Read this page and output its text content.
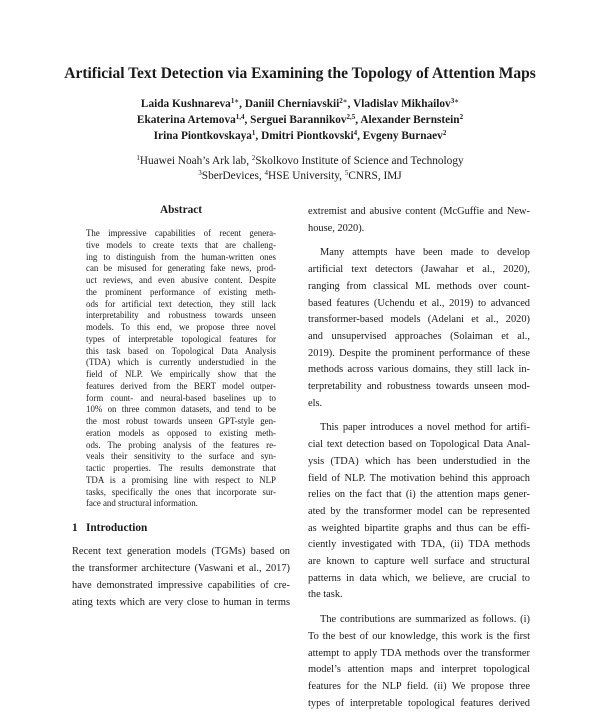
Artificial Text Detection via Examining the Topology of Attention Maps
Laida Kushnareva$^{1∗}$ , Daniil Cherniavskii$^{2∗}$ , Vladislav Mikhailov$^{3∗}$
Ekaterina Artemova$^{1,4}$ , Serguei Barannikov$^{2,5}$ , Alexander Bernstein$^2$
Irina Piontkovskaya$^1$ , Dmitri Piontkovski$^4$ , Evgeny Burnaev$^2$
$^1$Huawei Noah’s Ark lab , $^2$Skolkovo Institute of Science and Technology
$^3$SberDevices , $^4$HSE University , $^5$CNRS, IMJ
Abstract
The impressive capabilities of recent genera-
tive models to create texts that are challeng-
ing to distinguish from the human-written ones
can be misused for generating fake news, prod-
uct reviews, and even abusive content. Despite
the prominent performance of existing meth-
ods for artificial text detection, they still lack
interpretability and robustness towards unseen
models. To this end, we propose three novel
types of interpretable topological features for
this task based on Topological Data Analysis
(TDA) which is currently understudied in the
field of NLP. We empirically show that the
features derived from the BERT model outper-
form count- and neural-based baselines up to
10% on three common datasets, and tend to be
the most robust towards unseen GPT-style gen-
eration models as opposed to existing meth-
ods. The probing analysis of the features re-
veals their sensitivity to the surface and syn-
tactic properties. The results demonstrate that
TDA is a promising line with respect to NLP
tasks, specifically the ones that incorporate sur-
face and structural information.
1 Introduction
Recent text generation models (TGMs) based on
the transformer architecture (Vaswani et al., 2017)
have demonstrated impressive capabilities of cre-
ating texts which are very close to human in terms
extremist and abusive content (McGuffie and New-
house, 2020).
Many attempts have been made to develop
artificial text detectors (Jawahar et al., 2020),
ranging from classical ML methods over count-
based features (Uchendu et al., 2019) to advanced
transformer-based models (Adelani et al., 2020)
and unsupervised approaches (Solaiman et al.,
2019). Despite the prominent performance of these
methods across various domains, they still lack in-
terpretability and robustness towards unseen mod-
els.
This paper introduces a novel method for artifi-
cial text detection based on Topological Data Anal-
ysis (TDA) which has been understudied in the
field of NLP. The motivation behind this approach
relies on the fact that (i) the attention maps gener-
ated by the transformer model can be represented
as weighted bipartite graphs and thus can be effi-
ciently investigated with TDA, (ii) TDA methods
are known to capture well surface and structural
patterns in data which, we believe, are crucial to
the task.
The contributions are summarized as follows. (i)
To the best of our knowledge, this work is the first
attempt to apply TDA methods over the transformer
model’s attention maps and interpret topological
features for the NLP field. (ii) We propose three
types of interpretable topological features derived
